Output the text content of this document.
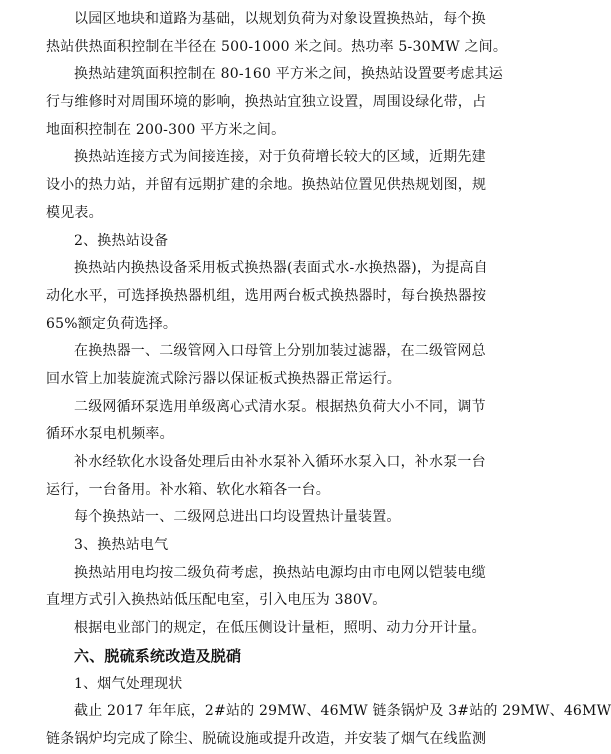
以园区地块和道路为基础，以规划负荷为对象设置换热站，每个换
热站供热面积控制在半径在 500-1000 米之间。热功率 5-30MW 之间。
换热站建筑面积控制在 80-160 平方米之间，换热站设置要考虑其运
行与维修时对周围环境的影响，换热站宜独立设置，周围设绿化带，占
地面积控制在 200-300 平方米之间。
换热站连接方式为间接连接，对于负荷增长较大的区域，近期先建
设小的热力站，并留有远期扩建的余地。换热站位置见供热规划图，规
模见表。
2、换热站设备
换热站内换热设备采用板式换热器(表面式水-水换热器)，为提高自
动化水平，可选择换热器机组，选用两台板式换热器时，每台换热器按
65%额定负荷选择。
在换热器一、二级管网入口母管上分别加装过滤器，在二级管网总
回水管上加装旋流式除污器以保证板式换热器正常运行。
二级网循环泵选用单级离心式清水泵。根据热负荷大小不同，调节
循环水泵电机频率。
补水经软化水设备处理后由补水泵补入循环水泵入口，补水泵一台
运行，一台备用。补水箱、软化水箱各一台。
每个换热站一、二级网总进出口均设置热计量装置。
3、换热站电气
换热站用电均按二级负荷考虑，换热站电源均由市电网以铠装电缆
直埋方式引入换热站低压配电室，引入电压为 380V。
根据电业部门的规定，在低压侧设计量柜，照明、动力分开计量。
六、脱硫系统改造及脱硝
1、烟气处理现状
截止 2017 年年底，2#站的 29MW、46MW 链条锅炉及 3#站的 29MW、46MW
链条锅炉均完成了除尘、脱硫设施或提升改造，并安装了烟气在线监测
